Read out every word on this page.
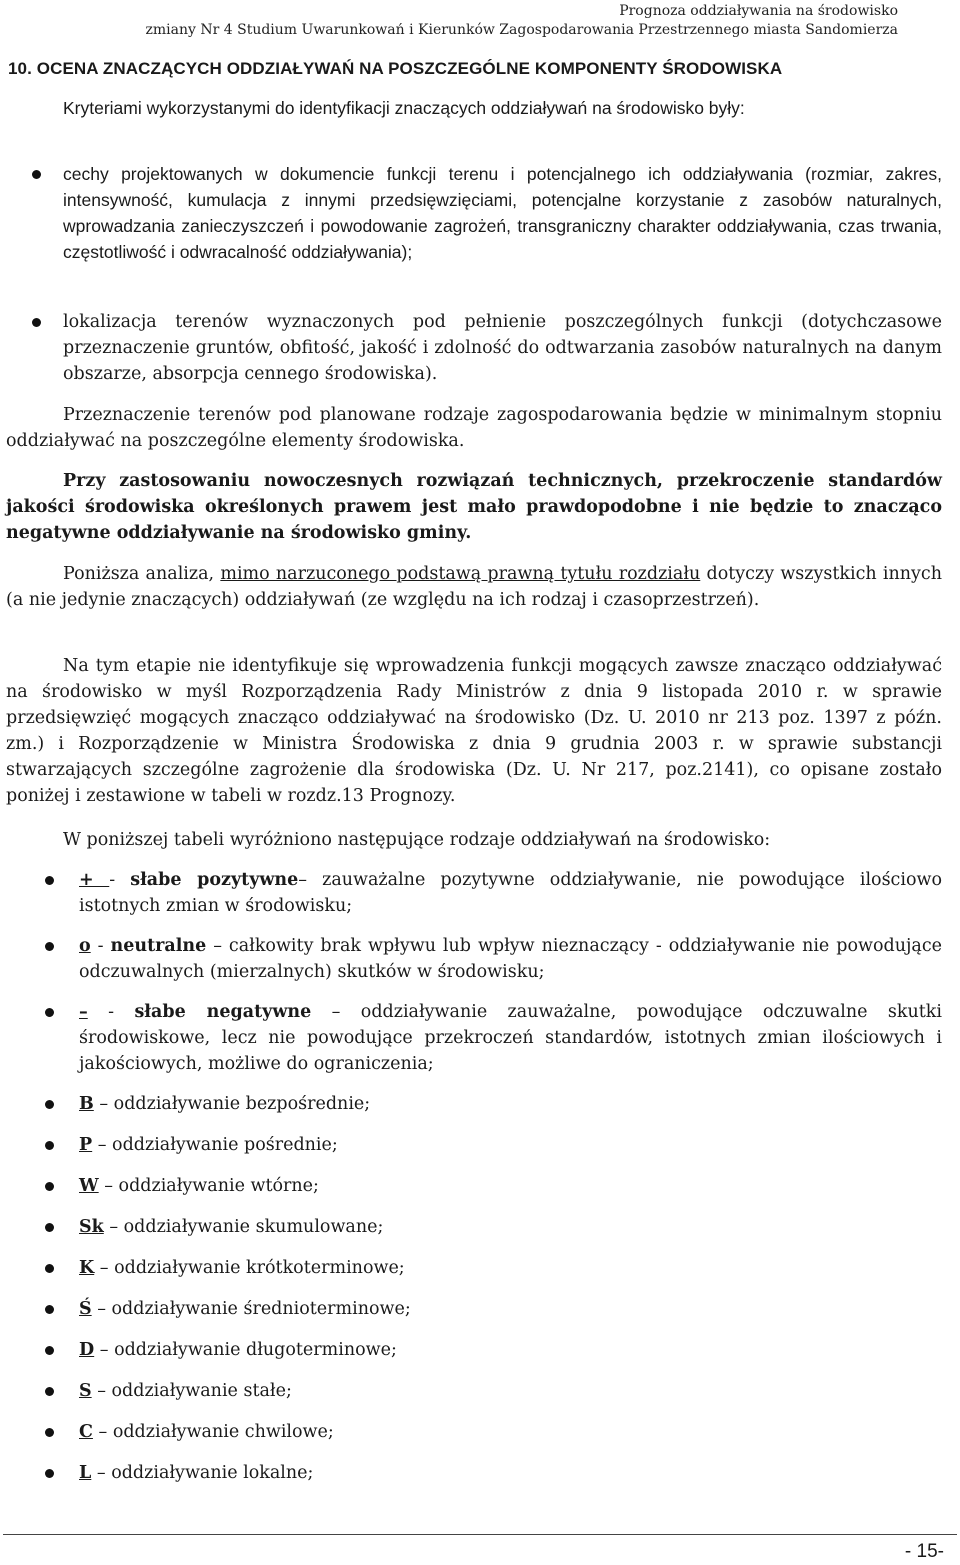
Prognoza oddziaływania na środowisko
zmiany Nr 4 Studium Uwarunkowań i Kierunków Zagospodarowania Przestrzennego miasta Sandomierza
10. OCENA ZNACZĄCYCH ODDZIAŁYWAŃ NA POSZCZEGÓLNE KOMPONENTY ŚRODOWISKA
Kryteriami wykorzystanymi do identyfikacji znaczących oddziaływań na środowisko były:
cechy projektowanych w dokumencie funkcji terenu i potencjalnego ich oddziaływania (rozmiar, zakres, intensywność, kumulacja z innymi przedsięwzięciami, potencjalne korzystanie z zasobów naturalnych, wprowadzania zanieczyszczeń i powodowanie zagrożeń, transgraniczny charakter oddziaływania, czas trwania, częstotliwość i odwracalność oddziaływania);
lokalizacja terenów wyznaczonych pod pełnienie poszczególnych funkcji (dotychczasowe przeznaczenie gruntów, obfitość, jakość i zdolność do odtwarzania zasobów naturalnych na danym obszarze, absorpcja cennego środowiska).
Przeznaczenie terenów pod planowane rodzaje zagospodarowania będzie w minimalnym stopniu oddziaływać na poszczególne elementy środowiska.
Przy zastosowaniu nowoczesnych rozwiązań technicznych, przekroczenie standardów jakości środowiska określonych prawem jest mało prawdopodobne i nie będzie to znacząco negatywne oddziaływanie na środowisko gminy.
Poniższa analiza, mimo narzuconego podstawą prawną tytułu rozdziału dotyczy wszystkich innych (a nie jedynie znaczących) oddziaływań (ze względu na ich rodzaj i czasoprzestrzeń).
Na tym etapie nie identyfikuje się wprowadzenia funkcji mogących zawsze znacząco oddziaływać na środowisko w myśl Rozporządzenia Rady Ministrów z dnia 9 listopada 2010 r. w sprawie przedsięwzięć mogących znacząco oddziaływać na środowisko (Dz. U. 2010 nr 213 poz. 1397 z późn. zm.) i Rozporządzenie w Ministra Środowiska z dnia 9 grudnia 2003 r. w sprawie substancji stwarzających szczególne zagrożenie dla środowiska (Dz. U. Nr 217, poz.2141), co opisane zostało poniżej i zestawione w tabeli w rozdz.13 Prognozy.
W poniższej tabeli wyróżniono następujące rodzaje oddziaływań na środowisko:
+ - słabe pozytywne– zauważalne pozytywne oddziaływanie, nie powodujące ilościowo istotnych zmian w środowisku;
o - neutralne – całkowity brak wpływu lub wpływ nieznaczący - oddziaływanie nie powodujące odczuwalnych (mierzalnych) skutków w środowisku;
– - słabe negatywne – oddziaływanie zauważalne, powodujące odczuwalne skutki środowiskowe, lecz nie powodujące przekroczeń standardów, istotnych zmian ilościowych i jakościowych, możliwe do ograniczenia;
B – oddziaływanie bezpośrednie;
P – oddziaływanie pośrednie;
W – oddziaływanie wtórne;
Sk – oddziaływanie skumulowane;
K – oddziaływanie krótkoterminowe;
Ś – oddziaływanie średnioterminowe;
D – oddziaływanie długoterminowe;
S – oddziaływanie stałe;
C – oddziaływanie chwilowe;
L – oddziaływanie lokalne;
- 15-
